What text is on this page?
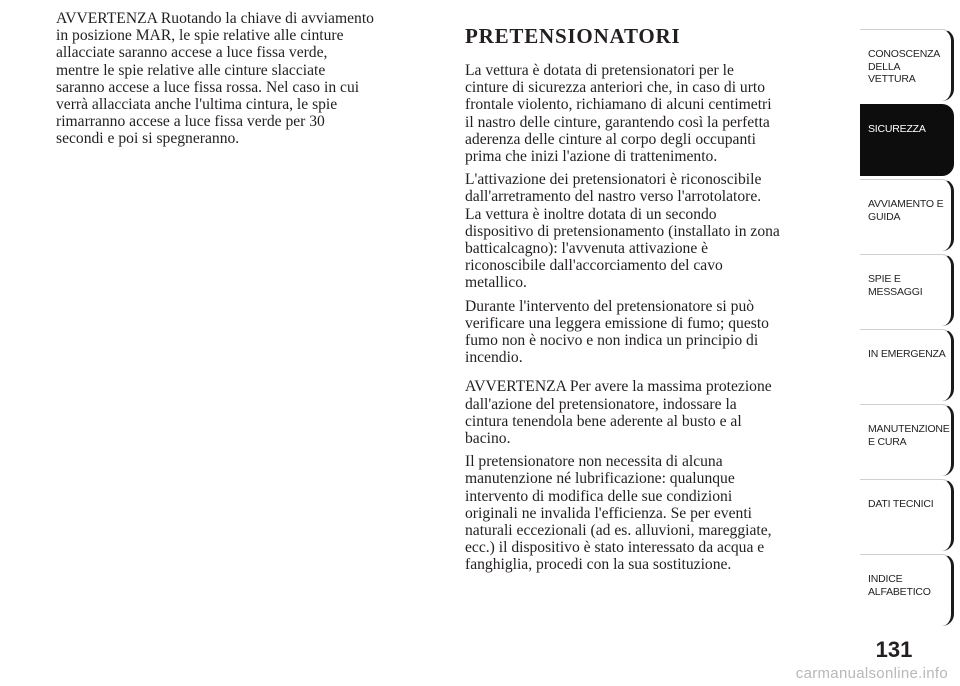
AVVERTENZA Ruotando la chiave di avviamento
in posizione MAR, le spie relative alle cinture
allacciate saranno accese a luce fissa verde,
mentre le spie relative alle cinture slacciate
saranno accese a luce fissa rossa. Nel caso in cui
verrà allacciata anche l'ultima cintura, le spie
rimarranno accese a luce fissa verde per 30
secondi e poi si spegneranno.

PRETENSIONATORI

La vettura è dotata di pretensionatori per le
cinture di sicurezza anteriori che, in caso di urto
frontale violento, richiamano di alcuni centimetri
il nastro delle cinture, garantendo così la perfetta
aderenza delle cinture al corpo degli occupanti
prima che inizi l'azione di trattenimento.

L'attivazione dei pretensionatori è riconoscibile
dall'arretramento del nastro verso l'arrotolatore.
La vettura è inoltre dotata di un secondo
dispositivo di pretensionamento (installato in zona
batticalcagno): l'avvenuta attivazione è
riconoscibile dall'accorciamento del cavo
metallico.

Durante l'intervento del pretensionatore si può
verificare una leggera emissione di fumo; questo
fumo non è nocivo e non indica un principio di
incendio.

AVVERTENZA Per avere la massima protezione
dall'azione del pretensionatore, indossare la
cintura tenendola bene aderente al busto e al
bacino.

Il pretensionatore non necessita di alcuna
manutenzione né lubrificazione: qualunque
intervento di modifica delle sue condizioni
originali ne invalida l'efficienza. Se per eventi
naturali eccezionali (ad es. alluvioni, mareggiate,
ecc.) il dispositivo è stato interessato da acqua e
fanghiglia, procedi con la sua sostituzione.

CONOSCENZA DELLA VETTURA
SICUREZZA
AVVIAMENTO E GUIDA
SPIE E MESSAGGI
IN EMERGENZA
MANUTENZIONE E CURA
DATI TECNICI
INDICE ALFABETICO
131
carmanualsonline.info
